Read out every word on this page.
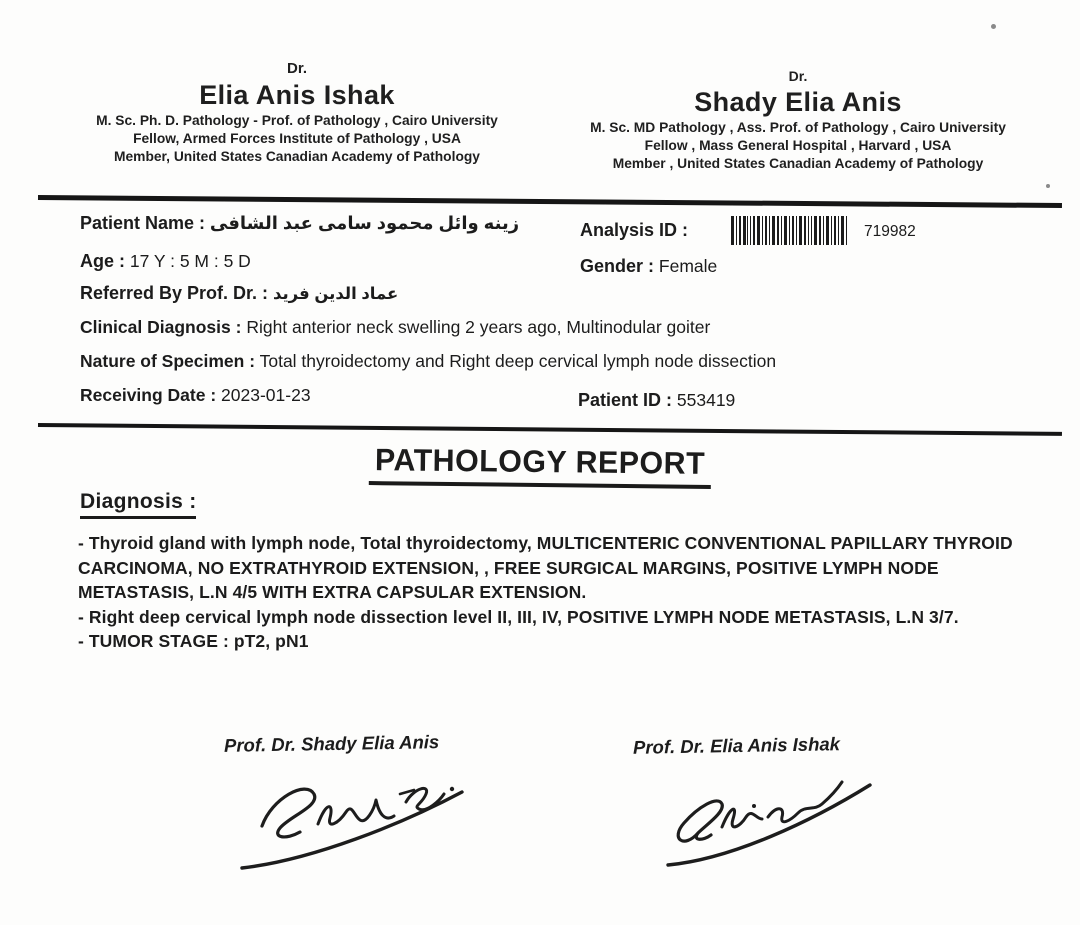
Dr.
Elia Anis Ishak
M. Sc. Ph. D. Pathology - Prof. of Pathology , Cairo University
Fellow, Armed Forces Institute of Pathology , USA
Member, United States Canadian Academy of Pathology
Dr.
Shady Elia Anis
M. Sc. MD Pathology , Ass. Prof. of Pathology , Cairo University
Fellow , Mass General Hospital , Harvard , USA
Member , United States Canadian Academy of Pathology
Patient Name : زينه وائل محمود سامى عبد الشافى	Analysis ID :	719982
Age : 17 Y : 5 M : 5 D	Gender : Female
Referred By Prof. Dr. : عماد الدين فريد
Clinical Diagnosis : Right anterior neck swelling 2 years ago, Multinodular goiter
Nature of Specimen : Total thyroidectomy and Right deep cervical lymph node dissection
Receiving Date : 2023-01-23	Patient ID : 553419
PATHOLOGY REPORT
Diagnosis :

- Thyroid gland with lymph node, Total thyroidectomy, MULTICENTERIC CONVENTIONAL PAPILLARY THYROID CARCINOMA, NO EXTRATHYROID EXTENSION, , FREE SURGICAL MARGINS, POSITIVE LYMPH NODE METASTASIS, L.N 4/5 WITH EXTRA CAPSULAR EXTENSION.

- Right deep cervical lymph node dissection level II, III, IV, POSITIVE LYMPH NODE METASTASIS, L.N 3/7.

- TUMOR STAGE : pT2, pN1

Prof. Dr. Shady Elia Anis	Prof. Dr. Elia Anis Ishak
